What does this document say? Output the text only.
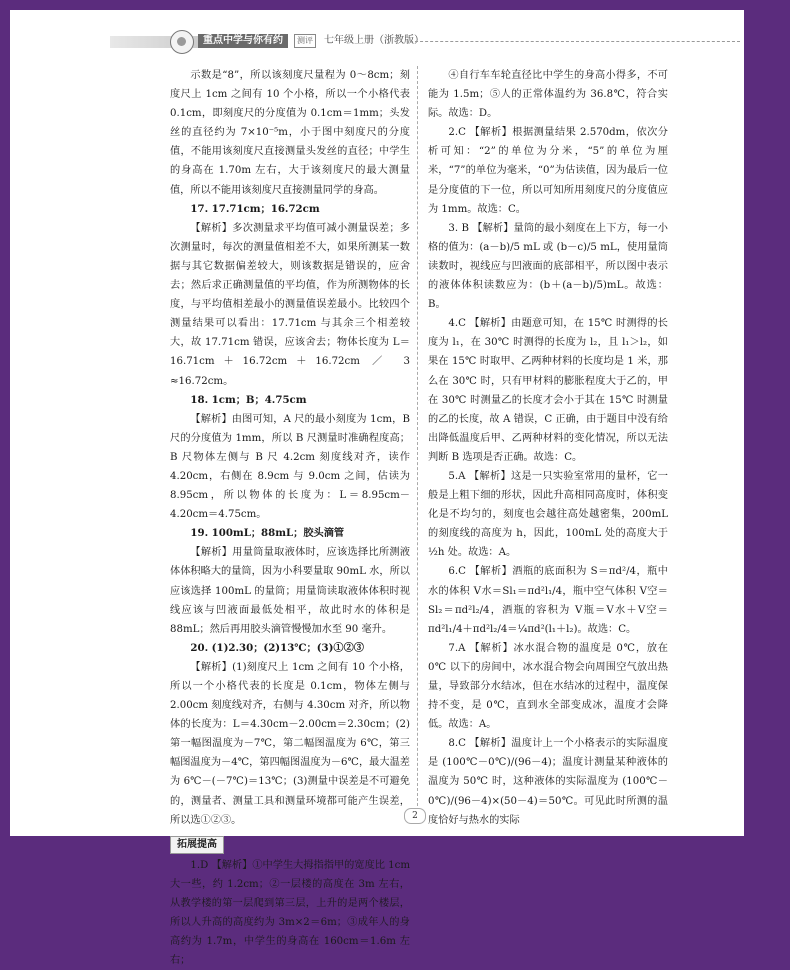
重点中学与你有约	测评	七年级上册（浙教版）

示数是“8”，所以该刻度尺量程为 0～8cm；刻度尺上 1cm 之间有 10 个小格，所以一个小格代表 0.1cm，即刻度尺的分度值为 0.1cm＝1mm；头发丝的直径约为 7×10⁻⁵m，小于图中刻度尺的分度值，不能用该刻度尺直接测量头发丝的直径；中学生的身高在 1.70m 左右，大于该刻度尺的最大测量值，所以不能用该刻度尺直接测量同学的身高。

17. 17.71cm；16.72cm

【解析】多次测量求平均值可减小测量误差；多次测量时，每次的测量值相差不大，如果所测某一数据与其它数据偏差较大，则该数据是错误的，应舍去；然后求正确测量值的平均值，作为所测物体的长度，与平均值相差最小的测量值误差最小。比较四个测量结果可以看出：17.71cm 与其余三个相差较大，故 17.71cm 错误，应该舍去；物体长度为 L＝16.71cm＋16.72cm＋16.72cm ／ 3 ≈16.72cm。

18. 1cm；B；4.75cm

【解析】由图可知，A 尺的最小刻度为 1cm，B 尺的分度值为 1mm，所以 B 尺测量时准确程度高；B 尺物体左侧与 B 尺 4.2cm 刻度线对齐，读作 4.20cm，右侧在 8.9cm 与 9.0cm 之间，估读为 8.95cm，所以物体的长度为：L＝8.95cm－4.20cm＝4.75cm。

19. 100mL；88mL；胶头滴管

【解析】用量筒量取液体时，应该选择比所测液体体积略大的量筒，因为小科要量取 90mL 水，所以应该选择 100mL 的量筒；用量筒读取液体体积时视线应该与凹液面最低处相平，故此时水的体积是 88mL；然后再用胶头滴管慢慢加水至 90 毫升。

20. (1)2.30；(2)13℃；(3)①②③

【解析】(1)刻度尺上 1cm 之间有 10 个小格，所以一个小格代表的长度是 0.1cm，物体左侧与 2.00cm 刻度线对齐，右侧与 4.30cm 对齐，所以物体的长度为：L＝4.30cm－2.00cm＝2.30cm；(2)第一幅图温度为－7℃，第二幅图温度为 6℃，第三幅图温度为－4℃，第四幅图温度为－6℃，最大温差为 6℃－(－7℃)＝13℃；(3)测量中误差是不可避免的，测量者、测量工具和测量环境都可能产生误差，所以选①②③。

拓展提高

1.D 【解析】①中学生大拇指指甲的宽度比 1cm 大一些，约 1.2cm；②一层楼的高度在 3m 左右，从教学楼的第一层爬到第三层，上升的是两个楼层，所以人升高的高度约为 3m×2＝6m；③成年人的身高约为 1.7m，中学生的身高在 160cm＝1.6m 左右；

④自行车车轮直径比中学生的身高小得多，不可能为 1.5m；⑤人的正常体温约为 36.8℃，符合实际。故选：D。

2.C 【解析】根据测量结果 2.570dm，依次分析可知：“2”的单位为分米，“5”的单位为厘米，“7”的单位为毫米，“0”为估读值，因为最后一位是分度值的下一位，所以可知所用刻度尺的分度值应为 1mm。故选：C。

3. B 【解析】量筒的最小刻度在上下方，每一小格的值为：(a－b)/5 mL 或 (b－c)/5 mL，使用量筒读数时，视线应与凹液面的底部相平，所以图中表示的液体体积读数应为：(b＋(a－b)/5)mL。故选：B。

4.C 【解析】由题意可知，在 15℃ 时测得的长度为 l₁，在 30℃ 时测得的长度为 l₂，且 l₁＞l₂，如果在 15℃ 时取甲、乙两种材料的长度均是 1 米，那么在 30℃ 时，只有甲材料的膨胀程度大于乙的，甲在 30℃ 时测量乙的长度才会小于其在 15℃ 时测量的乙的长度，故 A 错误，C 正确，由于题目中没有给出降低温度后甲、乙两种材料的变化情况，所以无法判断 B 选项是否正确。故选：C。

5.A 【解析】这是一只实验室常用的量杯，它一般是上粗下细的形状，因此升高相同高度时，体积变化是不均匀的，刻度也会越往高处越密集，200mL 的刻度线的高度为 h，因此，100mL 处的高度大于 ½h 处。故选：A。

6.C 【解析】酒瓶的底面积为 S＝πd²/4，瓶中水的体积 V水＝Sl₁＝πd²l₁/4，瓶中空气体积 V空＝Sl₂＝πd²l₂/4，酒瓶的容积为 V瓶＝V水＋V空＝πd²l₁/4＋πd²l₂/4＝¼πd²(l₁＋l₂)。故选：C。

7.A 【解析】冰水混合物的温度是 0℃，放在 0℃ 以下的房间中，冰水混合物会向周围空气放出热量，导致部分水结冰，但在水结冰的过程中，温度保持不变，是 0℃，直到水全部变成冰，温度才会降低。故选：A。

8.C 【解析】温度计上一个小格表示的实际温度是 (100℃－0℃)/(96－4)；温度计测量某种液体的温度为 50℃ 时，这种液体的实际温度为 (100℃－0℃)/(96－4)×(50－4)＝50℃。可见此时所测的温度恰好与热水的实际

2
